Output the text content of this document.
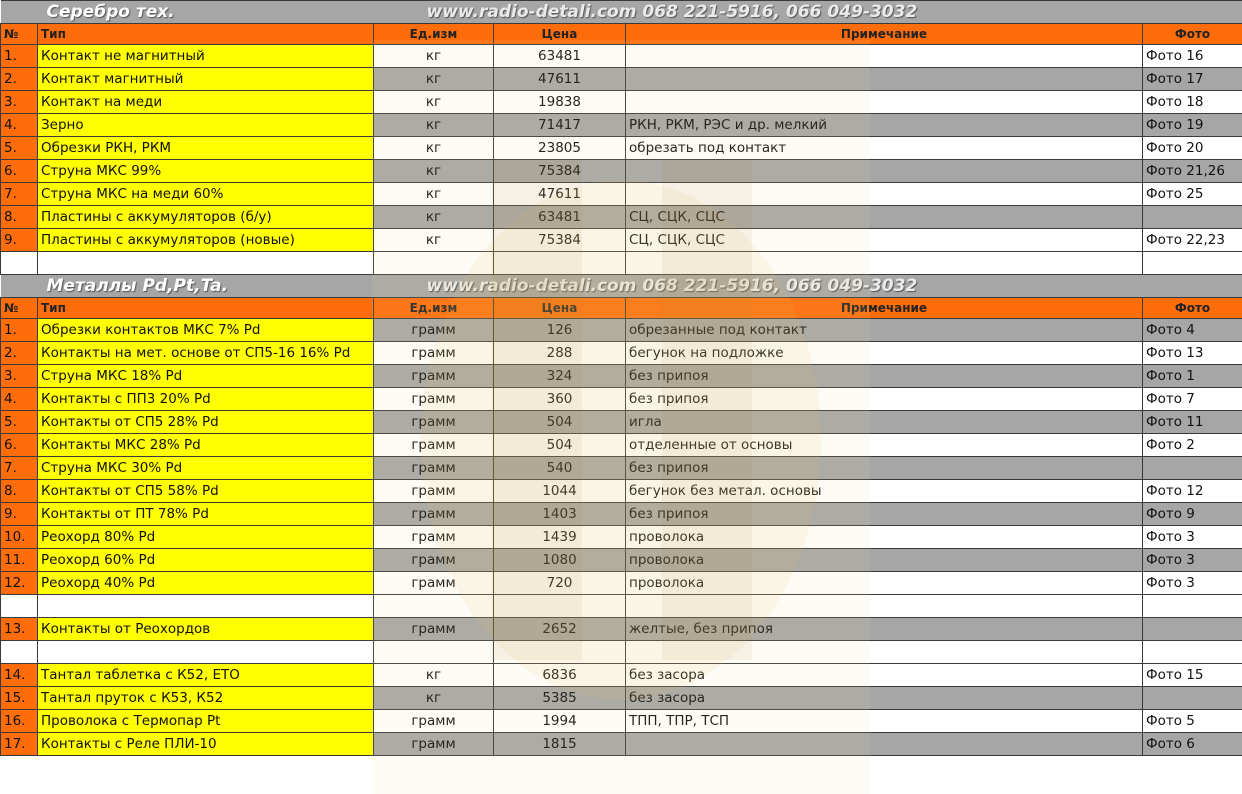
Серебро тех. www.radio-detali.com 068 221-5916, 066 049-3032					
№	Тип	Ед.изм	Цена	Примечание	Фото
1.	Контакт не магнитный	кг	63481		Фото 16
2.	Контакт магнитный	кг	47611		Фото 17
3.	Контакт на меди	кг	19838		Фото 18
4.	Зерно	кг	71417	РКН, РКМ, РЭС и др. мелкий	Фото 19
5.	Обрезки РКН, РКМ	кг	23805	обрезать под контакт	Фото 20
6.	Струна МКС 99%	кг	75384		Фото 21,26
7.	Струна МКС на меди 60%	кг	47611		Фото 25
8.	Пластины с аккумуляторов (б/у)	кг	63481	СЦ, СЦК, СЦС	
9.	Пластины с аккумуляторов (новые)	кг	75384	СЦ, СЦК, СЦС	Фото 22,23

Металлы Pd,Pt,Ta. www.radio-detali.com 068 221-5916, 066 049-3032					
№	Тип	Ед.изм	Цена	Примечание	Фото
1.	Обрезки контактов МКС 7% Pd	грамм	126	обрезанные под контакт	Фото 4
2.	Контакты на мет. основе от СП5-16 16% Pd	грамм	288	бегунок на подложке	Фото 13
3.	Струна МКС 18% Pd	грамм	324	без припоя	Фото 1
4.	Контакты с ПП3 20% Pd	грамм	360	без припоя	Фото 7
5.	Контакты от СП5 28% Pd	грамм	504	игла	Фото 11
6.	Контакты МКС 28% Pd	грамм	504	отделенные от основы	Фото 2
7.	Струна МКС 30% Pd	грамм	540	без припоя	
8.	Контакты от СП5 58% Pd	грамм	1044	бегунок без метал. основы	Фото 12
9.	Контакты от ПТ 78% Pd	грамм	1403	без припоя	Фото 9
10.	Реохорд 80% Pd	грамм	1439	проволока	Фото 3
11.	Реохорд 60% Pd	грамм	1080	проволока	Фото 3
12.	Реохорд 40% Pd	грамм	720	проволока	Фото 3

13.	Контакты от Реохордов	грамм	2652	желтые, без припоя	

14.	Тантал таблетка с К52, ЕТО	кг	6836	без засора	Фото 15
15.	Тантал пруток с К53, К52	кг	5385	без засора	
16.	Проволока с Термопар Pt	грамм	1994	ТПП, ТПР, ТСП	Фото 5
17.	Контакты с Реле ПЛИ-10	грамм	1815		Фото 6
